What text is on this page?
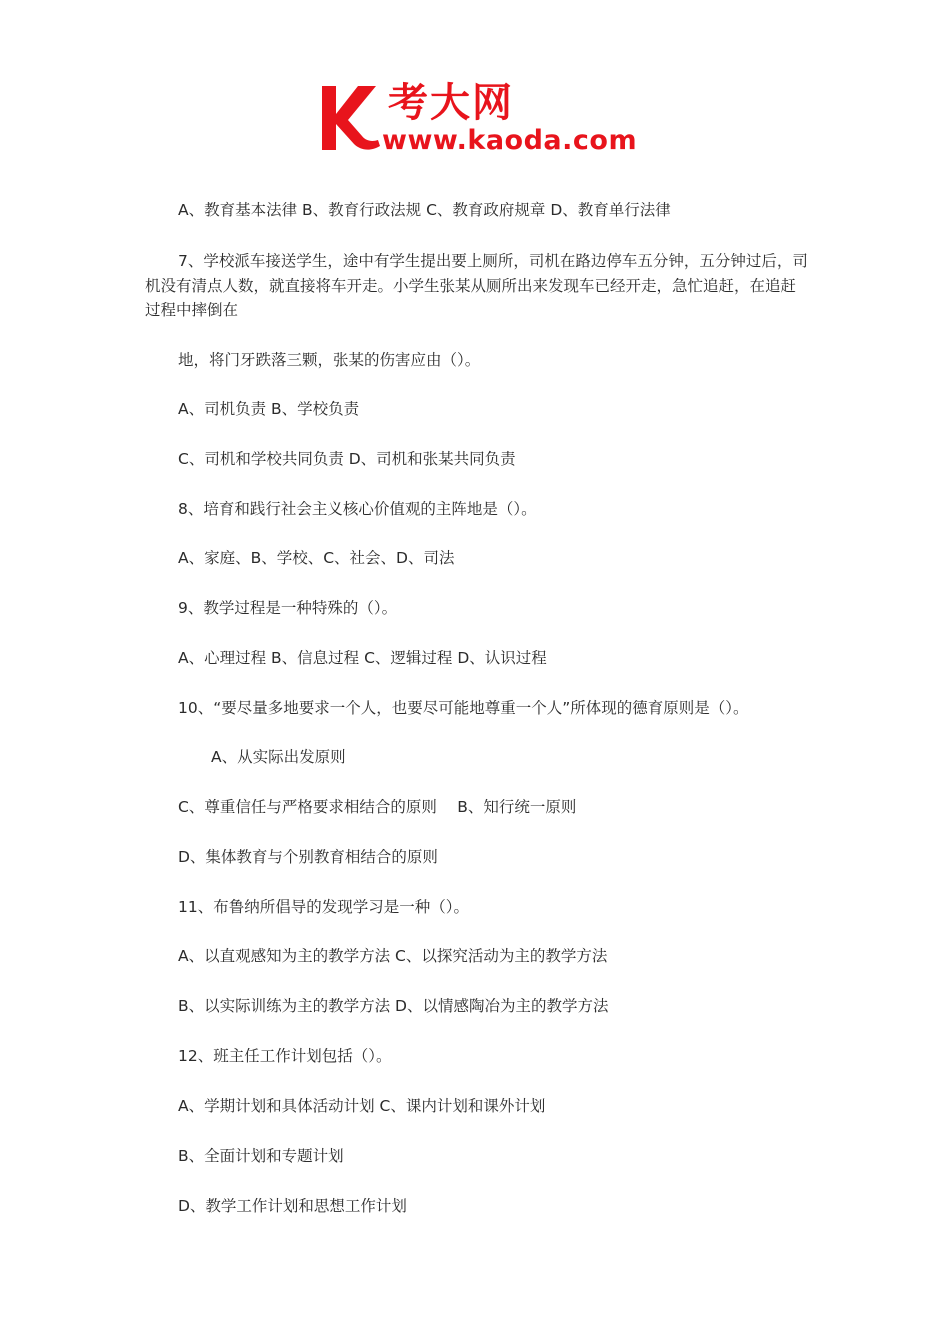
考大网
www.kaoda.com
A、教育基本法律 B、教育行政法规 C、教育政府规章 D、教育单行法律
7、学校派车接送学生，途中有学生提出要上厕所，司机在路边停车五分钟，五分钟过后，司机没有清点人数，就直接将车开走。小学生张某从厕所出来发现车已经开走，急忙追赶，在追赶过程中摔倒在
地，将门牙跌落三颗，张某的伤害应由（）。
A、司机负责 B、学校负责
C、司机和学校共同负责 D、司机和张某共同负责
8、培育和践行社会主义核心价值观的主阵地是（）。
A、家庭、B、学校、C、社会、D、司法
9、教学过程是一种特殊的（）。
A、心理过程 B、信息过程 C、逻辑过程 D、认识过程
10、“要尽量多地要求一个人，也要尽可能地尊重一个人”所体现的德育原则是（）。
A、从实际出发原则
C、尊重信任与严格要求相结合的原则　 B、知行统一原则
D、集体教育与个别教育相结合的原则
11、布鲁纳所倡导的发现学习是一种（）。
A、以直观感知为主的教学方法 C、以探究活动为主的教学方法
B、以实际训练为主的教学方法 D、以情感陶冶为主的教学方法
12、班主任工作计划包括（）。
A、学期计划和具体活动计划 C、课内计划和课外计划
B、全面计划和专题计划
D、教学工作计划和思想工作计划
